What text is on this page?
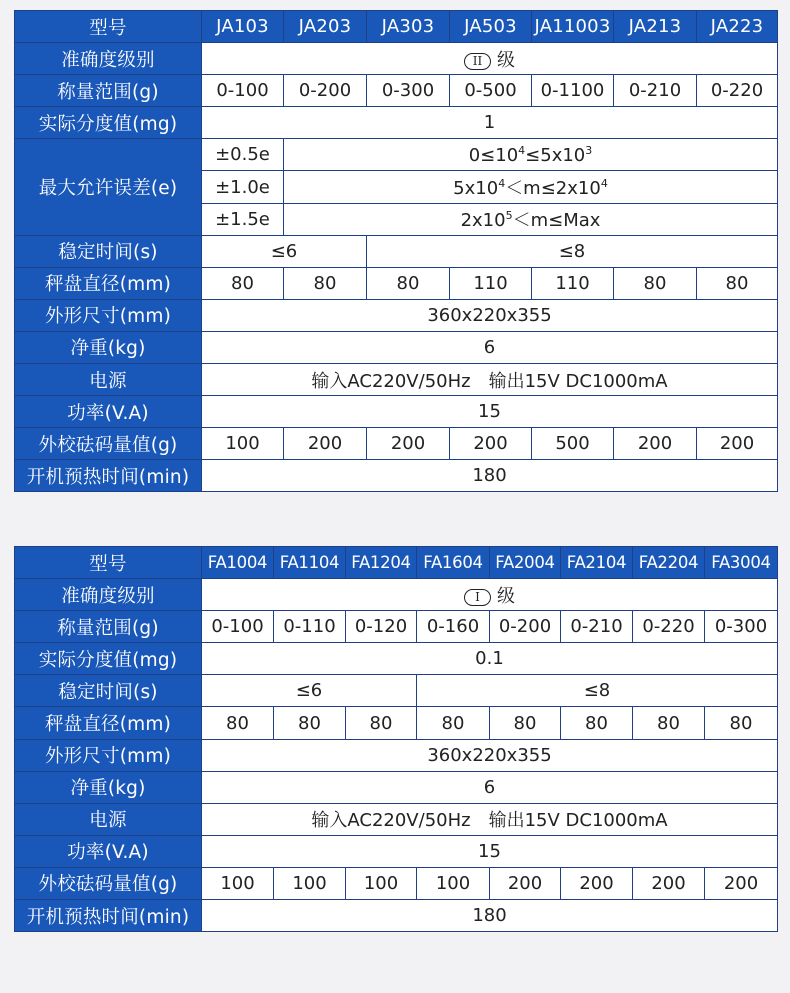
型号	JA103	JA203	JA303	JA503	JA11003	JA213	JA223
准确度级别	II 级						
称量范围(g)	0-100	0-200	0-300	0-500	0-1100	0-210	0-220
实际分度值(mg)	1						
最大允许误差(e)	±0.5e	$0\le 10^4\le 5x10^3$
	±1.0e	$5x10^4<m\le 2x10^4$
	±1.5e	$2x10^5<m\le Max$					
稳定时间(s)	≤6		≤8				
秤盘直径(mm)	80	80	80	110	110	80	80
外形尺寸(mm)	360x220x355						
净重(kg)	6						
电源	输入AC220V/50Hz　输出15V DC1000mA						
功率(V.A)	15						
外校砝码量值(g)	100	200	200	200	500	200	200
开机预热时间(min)	180						
型号	FA1004	FA1104	FA1204	FA1604	FA2004	FA2104	FA2204	FA3004
准确度级别	I 级							
称量范围(g)	0-100	0-110	0-120	0-160	0-200	0-210	0-220	0-300
实际分度值(mg)	0.1							
稳定时间(s)	≤6			≤8				
秤盘直径(mm)	80	80	80	80	80	80	80	80
外形尺寸(mm)	360x220x355							
净重(kg)	6							
电源	输入AC220V/50Hz　输出15V DC1000mA							
功率(V.A)	15							
外校砝码量值(g)	100	100	100	100	200	200	200	200
开机预热时间(min)	180							
